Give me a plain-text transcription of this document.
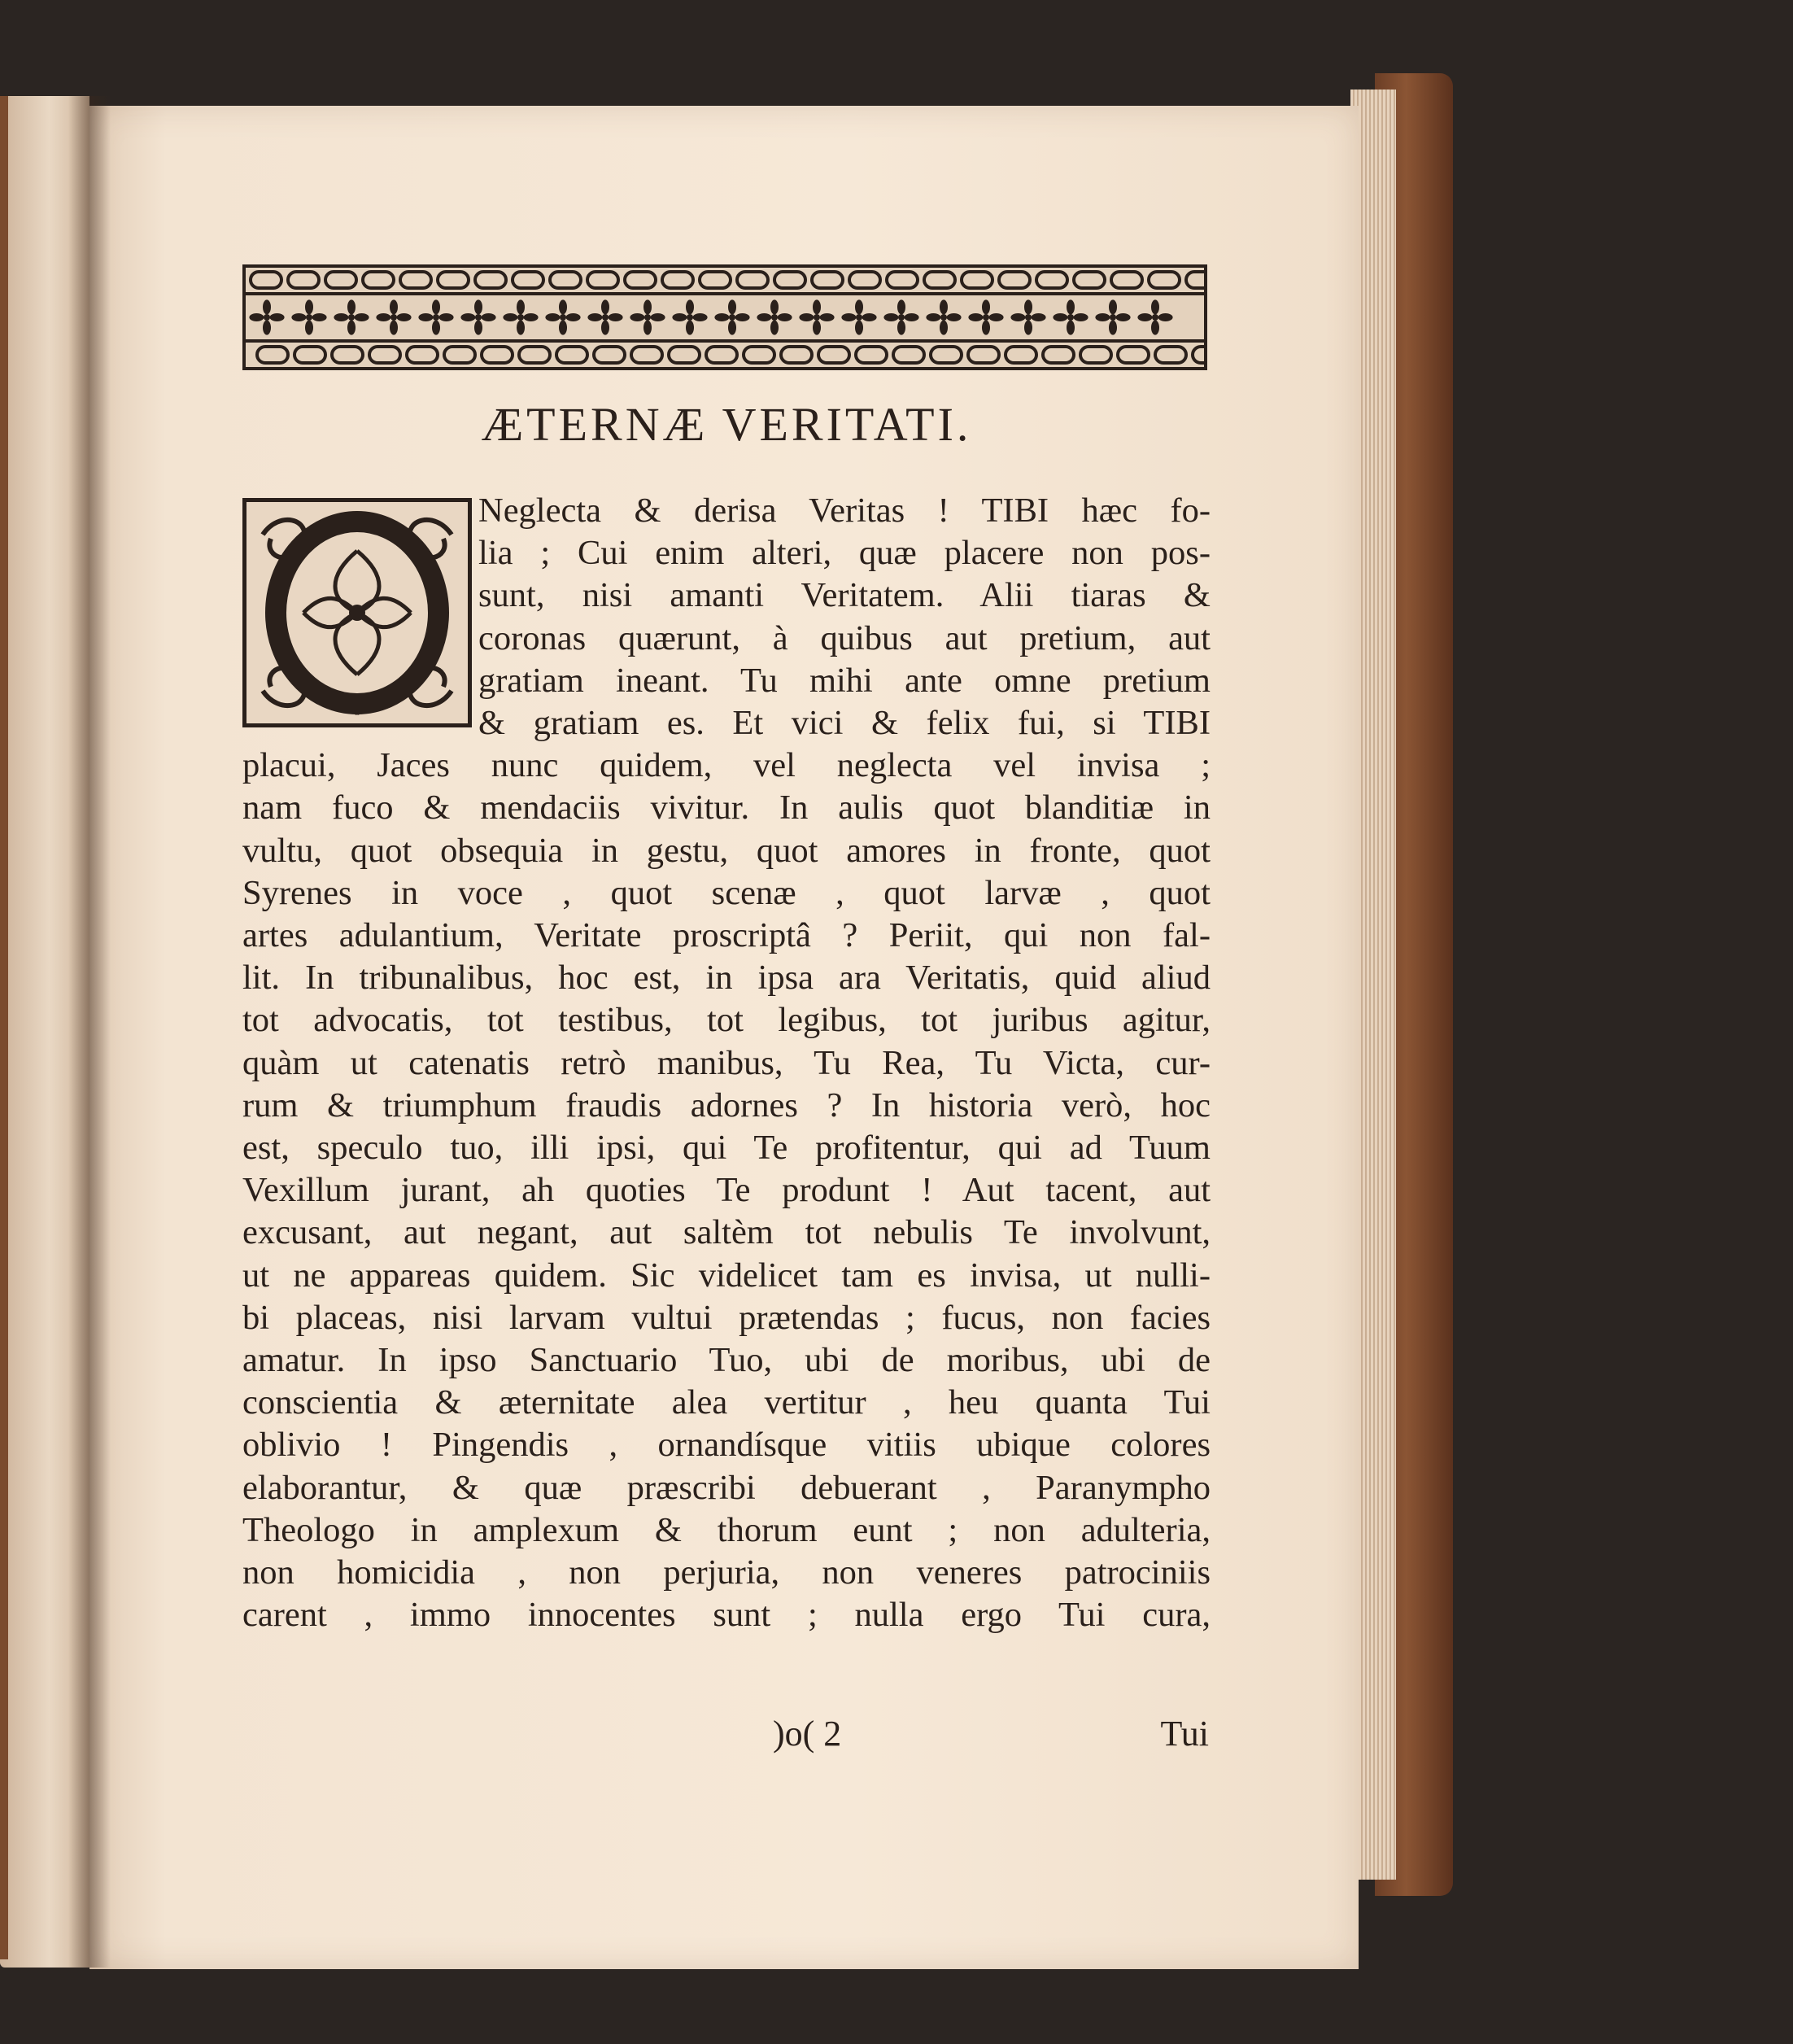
ÆTERNÆ VERITATI.
O
Neglecta & derisa Veritas ! TIBI hæc fo-
lia ; Cui enim alteri, quæ placere non pos-
sunt, nisi amanti Veritatem. Alii tiaras &
coronas quærunt, à quibus aut pretium, aut
gratiam ineant. Tu mihi ante omne pretium
& gratiam es. Et vici & felix fui, si TIBI
placui, Jaces nunc quidem, vel neglecta vel invisa ;
nam fuco & mendaciis vivitur. In aulis quot blanditiæ in
vultu, quot obsequia in gestu, quot amores in fronte, quot
Syrenes in voce , quot scenæ , quot larvæ , quot
artes adulantium, Veritate proscriptâ ? Periit, qui non fal-
lit. In tribunalibus, hoc est, in ipsa ara Veritatis, quid aliud
tot advocatis, tot testibus, tot legibus, tot juribus agitur,
quàm ut catenatis retrò manibus, Tu Rea, Tu Victa, cur-
rum & triumphum fraudis adornes ? In historia verò, hoc
est, speculo tuo, illi ipsi, qui Te profitentur, qui ad Tuum
Vexillum jurant, ah quoties Te produnt ! Aut tacent, aut
excusant, aut negant, aut saltèm tot nebulis Te involvunt,
ut ne appareas quidem. Sic videlicet tam es invisa, ut nulli-
bi placeas, nisi larvam vultui prætendas ; fucus, non facies
amatur. In ipso Sanctuario Tuo, ubi de moribus, ubi de
conscientia & æternitate alea vertitur , heu quanta Tui
oblivio ! Pingendis , ornandísque vitiis ubique colores
elaborantur, & quæ præscribi debuerant , Paranympho
Theologo in amplexum & thorum eunt ; non adulteria,
non homicidia , non perjuria, non veneres patrociniis
carent , immo innocentes sunt ; nulla ergo Tui cura,
)o( 2	Tui
